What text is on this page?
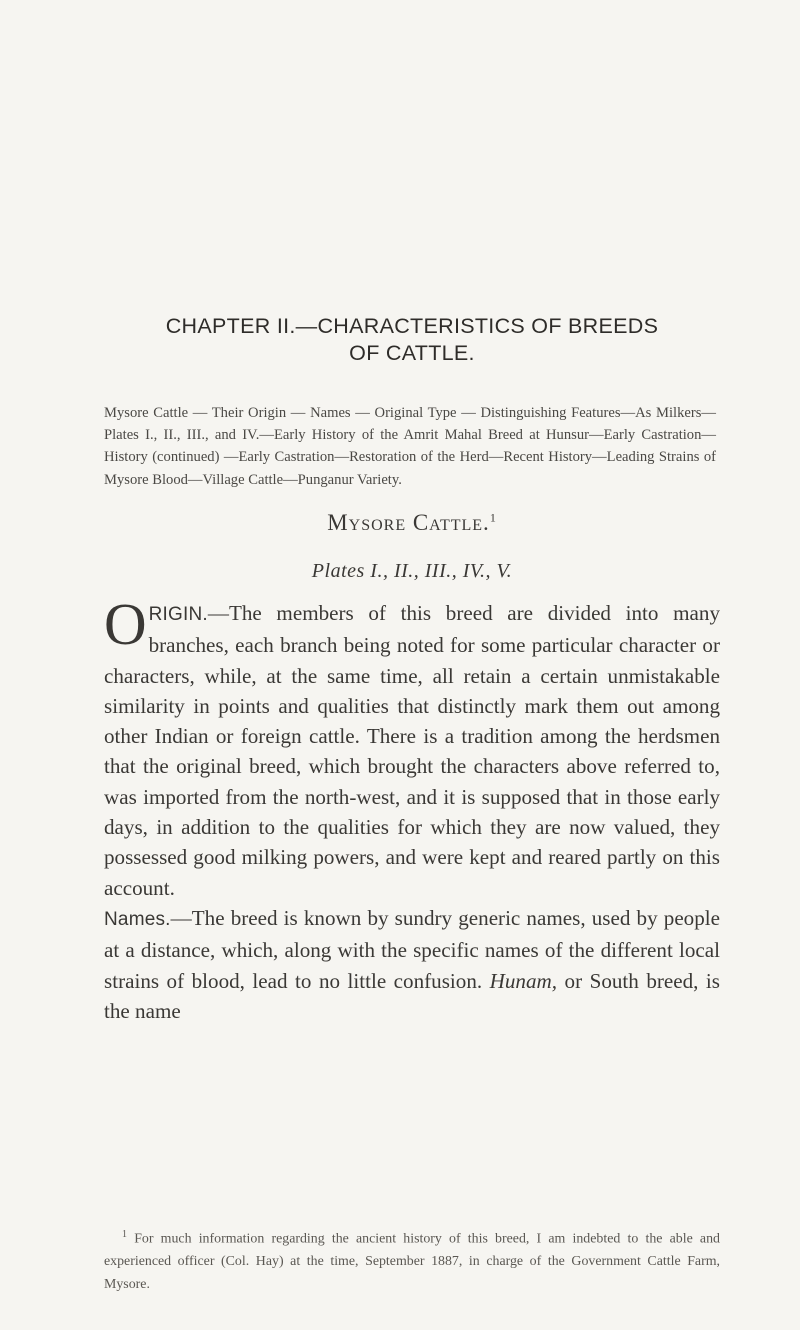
CHAPTER II.—CHARACTERISTICS OF BREEDS
OF CATTLE.

Mysore Cattle — Their Origin — Names — Original Type — Distinguishing Features—As Milkers—Plates I., II., III., and IV.—Early History of the Amrit Mahal Breed at Hunsur—Early Castration—History (continued) —Early Castration—Restoration of the Herd—Recent History—Leading Strains of Mysore Blood—Village Cattle—Punganur Variety.

Mysore Cattle.$^1$

Plates I., II., III., IV., V.

ORIGIN.—The members of this breed are divided into many branches, each branch being noted for some particular character or characters, while, at the same time, all retain a certain unmistakable similarity in points and qualities that distinctly mark them out among other Indian or foreign cattle. There is a tradition among the herdsmen that the original breed, which brought the characters above referred to, was imported from the north-west, and it is supposed that in those early days, in addition to the qualities for which they are now valued, they possessed good milking powers, and were kept and reared partly on this account.

Names.—The breed is known by sundry generic names, used by people at a distance, which, along with the specific names of the different local strains of blood, lead to no little confusion. Hunam, or South breed, is the name

$^1$ For much information regarding the ancient history of this breed, I am indebted to the able and experienced officer (Col. Hay) at the time, September 1887, in charge of the Government Cattle Farm, Mysore.
